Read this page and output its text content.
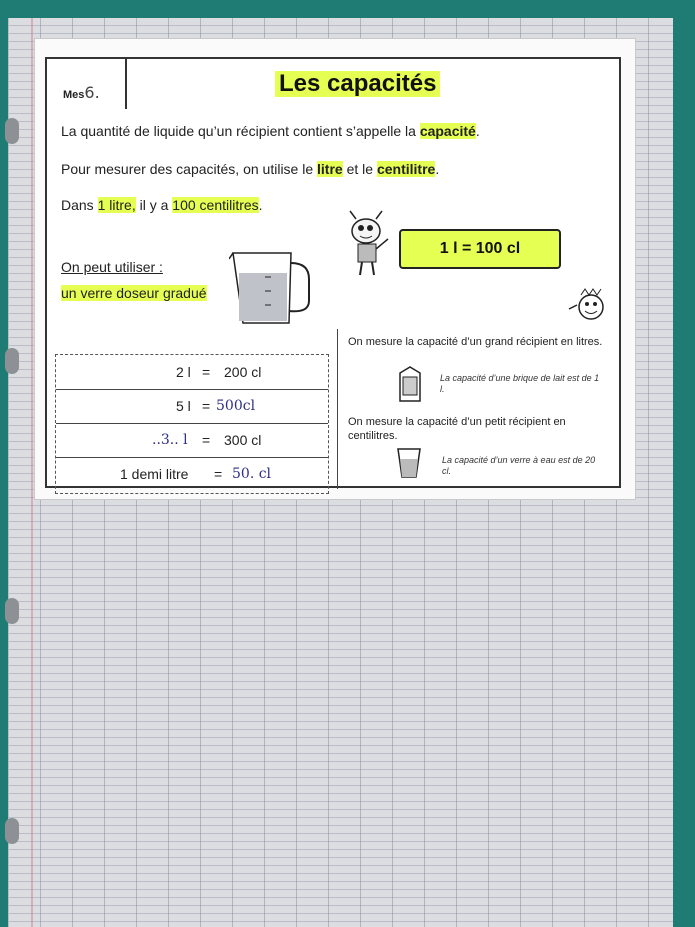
Mes6.	Les capacités
La quantité de liquide qu’un récipient contient s’appelle la capacité.
Pour mesurer des capacités, on utilise le litre et le centilitre.
Dans 1 litre, il y a 100 centilitres.
1 l = 100 cl
On peut utiliser :
un verre doseur gradué
2 l = 200 cl
5 l = 500cl
..3.. l = 300 cl
1 demi litre = 50. cl
On mesure la capacité d’un grand récipient en litres.
La capacité d’une brique de lait est de 1 l.
On mesure la capacité d’un petit récipient en centilitres.
La capacité d’un verre à eau est de 20 cl.
